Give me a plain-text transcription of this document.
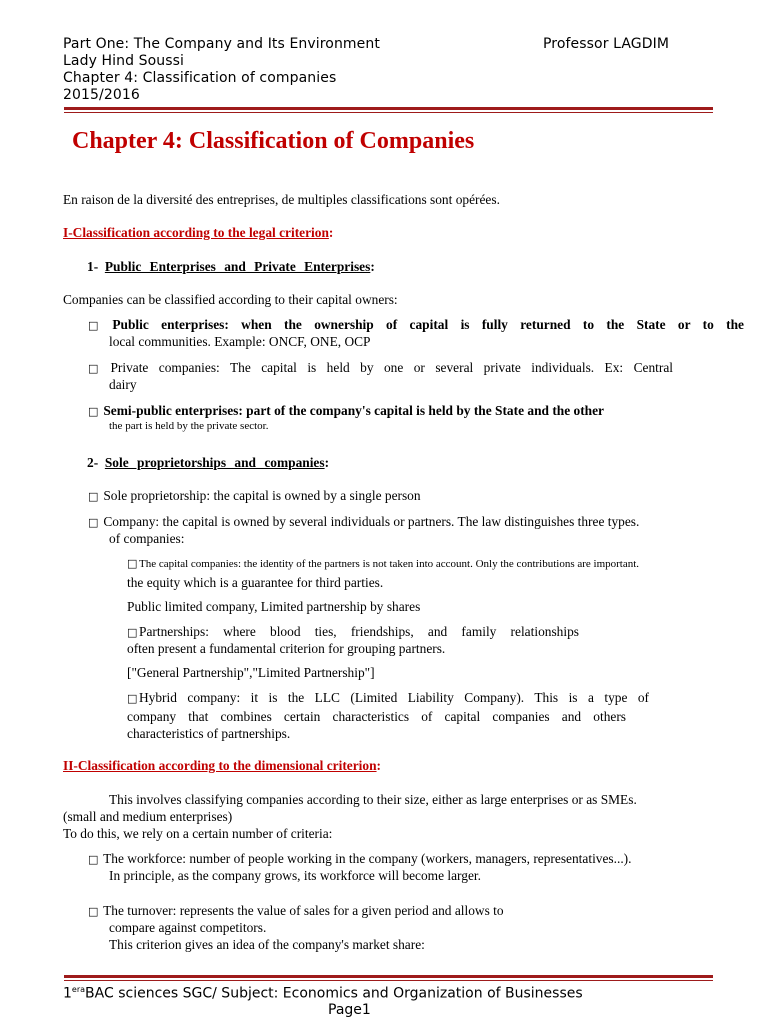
Part One: The Company and Its Environment	Professor LAGDIM
Lady Hind Soussi
Chapter 4: Classification of companies
2015/2016
Chapter 4: Classification of Companies
En raison de la diversité des entreprises, de multiples classifications sont opérées.
I-Classification according to the legal criterion:
1- Public Enterprises and Private Enterprises:
Companies can be classified according to their capital owners:
□ Public enterprises: when the ownership of capital is fully returned to the State or to the
local communities. Example: ONCF, ONE, OCP
□ Private companies: The capital is held by one or several private individuals. Ex: Central
dairy
□ Semi-public enterprises: part of the company's capital is held by the State and the other
the part is held by the private sector.
2- Sole proprietorships and companies:
□ Sole proprietorship: the capital is owned by a single person
□ Company: the capital is owned by several individuals or partners. The law distinguishes three types.
of companies:
□ The capital companies: the identity of the partners is not taken into account. Only the contributions are important.
the equity which is a guarantee for third parties.
Public limited company, Limited partnership by shares
□ Partnerships: where blood ties, friendships, and family relationships
often present a fundamental criterion for grouping partners.
["General Partnership","Limited Partnership"]
□ Hybrid company: it is the LLC (Limited Liability Company). This is a type of
company that combines certain characteristics of capital companies and others
characteristics of partnerships.
II-Classification according to the dimensional criterion:
This involves classifying companies according to their size, either as large enterprises or as SMEs.
(small and medium enterprises)
To do this, we rely on a certain number of criteria:
□ The workforce: number of people working in the company (workers, managers, representatives...).
In principle, as the company grows, its workforce will become larger.
□ The turnover: represents the value of sales for a given period and allows to
compare against competitors.
This criterion gives an idea of the company's market share:
$1^{era}BAC$ sciences SGC/ Subject: Economics and Organization of Businesses
Page1
